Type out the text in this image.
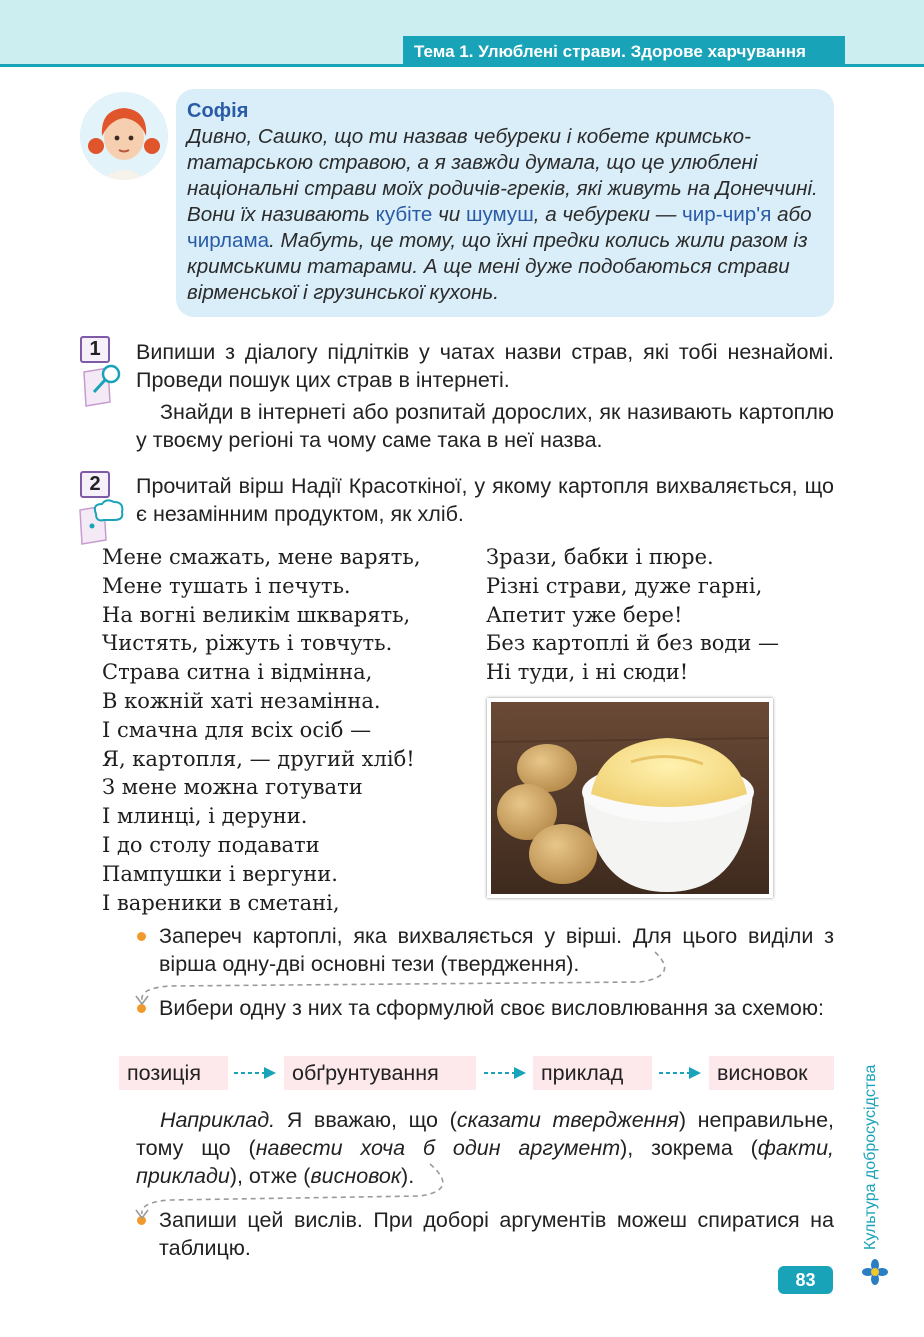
Тема 1. Улюблені страви. Здорове харчування
Софія
Дивно, Сашко, що ти назвав чебуреки і кобете кримсько-татарською стравою, а я завжди думала, що це улюблені національні страви моїх родичів-греків, які живуть на Донеччині. Вони їх називають кубіте чи шумуш, а чебуреки — чир-чир'я або чирлама. Мабуть, це тому, що їхні предки колись жили разом із кримськими татарами. А ще мені дуже подобаються страви вірменської і грузинської кухонь.
1	Випиши з діалогу підлітків у чатах назви страв, які тобі незнайомі. Проведи пошук цих страв в інтернеті.
Знайди в інтернеті або розпитай дорослих, як називають картоплю у твоєму регіоні та чому саме така в неї назва.
2	Прочитай вірш Надії Красоткіної, у якому картопля вихваляється, що є незамінним продуктом, як хліб.
Мене смажать, мене варять,
Мене тушать і печуть.
На вогні великім шкварять,
Чистять, ріжуть і товчуть.
Страва ситна і відмінна,
В кожній хаті незамінна.
І смачна для всіх осіб —
Я, картопля, — другий хліб!
З мене можна готувати
І млинці, і деруни.
І до столу подавати
Пампушки і вергуни.
І вареники в сметані,
Зрази, бабки і пюре.
Різні страви, дуже гарні,
Апетит уже бере!
Без картоплі й без води —
Ні туди, і ні сюди!
Запереч картоплі, яка вихваляється у вірші. Для цього виділи з вірша одну-дві основні тези (твердження).
Вибери одну з них та сформулюй своє висловлювання за схемою:
позиція	обґрунтування	приклад	висновок
Наприклад. Я вважаю, що (сказати твердження) неправильне, тому що (навести хоча б один аргумент), зокрема (факти, приклади), отже (висновок).
Запиши цей вислів. При доборі аргументів можеш спиратися на таблицю.	Культура добросусідства
83
